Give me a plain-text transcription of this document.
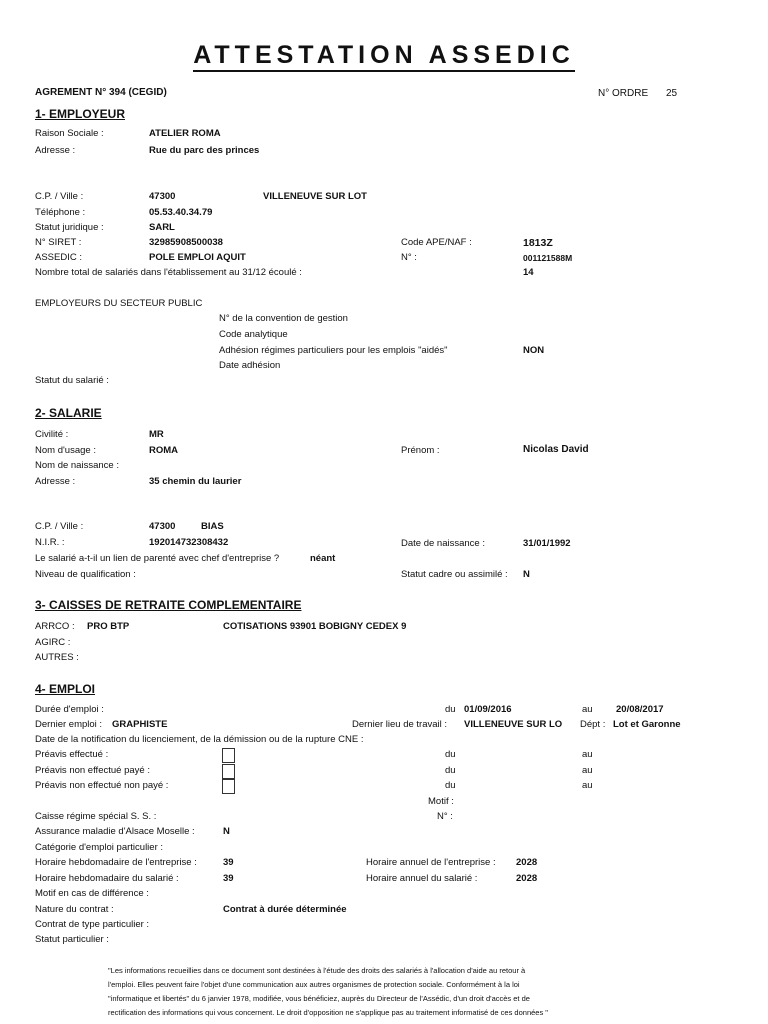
ATTESTATION ASSEDIC
AGREMENT N° 394 (CEGID)	N° ORDRE 25
1- EMPLOYEUR
Raison Sociale :	ATELIER ROMA
Adresse :	Rue du parc des princes
C.P. / Ville :	47300	VILLENEUVE SUR LOT
Téléphone :	05.53.40.34.79
Statut juridique :	SARL
N° SIRET :	32985908500038	Code APE/NAF :	1813Z
ASSEDIC :	POLE EMPLOI AQUIT	N° :	001121588M
Nombre total de salariés dans l'établissement au 31/12 écoulé :	14
EMPLOYEURS DU SECTEUR PUBLIC
N° de la convention de gestion
Code analytique
Adhésion régimes particuliers pour les emplois "aidés"	NON
Date adhésion
Statut du salarié :
2- SALARIE
Civilité :	MR
Nom d'usage :	ROMA	Prénom :	Nicolas David
Nom de naissance :
Adresse :	35 chemin du laurier
C.P. / Ville :	47300	BIAS
N.I.R. :	192014732308432	Date de naissance :	31/01/1992
Le salarié a-t-il un lien de parenté avec chef d'entreprise ?	néant
Niveau de qualification :	Statut cadre ou assimilé : N
3- CAISSES DE RETRAITE COMPLEMENTAIRE
ARRCO : PRO BTP	COTISATIONS 93901 BOBIGNY CEDEX 9
AGIRC :
AUTRES :
4- EMPLOI
Durée d'emploi :	du 01/09/2016	au 20/08/2017
Dernier emploi : GRAPHISTE	Dernier lieu de travail : VILLENEUVE SUR LO Dépt : Lot et Garonne
Date de la notification du licenciement, de la démission ou de la rupture CNE :
Préavis effectué :	du	au
Préavis non effectué payé :	du	au
Préavis non effectué non payé :	du	au
Motif :
Caisse régime spécial S. S. :	N° :
Assurance maladie d'Alsace Moselle :	N
Catégorie d'emploi particulier :
Horaire hebdomadaire de l'entreprise :	39	Horaire annuel de l'entreprise : 2028
Horaire hebdomadaire du salarié :	39	Horaire annuel du salarié :	2028
Motif en cas de différence :
Nature du contrat :	Contrat à durée déterminée
Contrat de type particulier :
Statut particulier :
"Les informations recueillies dans ce document sont destinées à l'étude des droits des salariés à l'allocation d'aide au retour à
l'emploi. Elles peuvent faire l'objet d'une communication aux autres organismes de protection sociale. Conformément à la loi
"informatique et libertés" du 6 janvier 1978, modifiée, vous bénéficiez, auprès du Directeur de l'Assédic, d'un droit d'accès et de
rectification des informations qui vous concernent. Le droit d'opposition ne s'applique pas au traitement informatisé de ces données "
